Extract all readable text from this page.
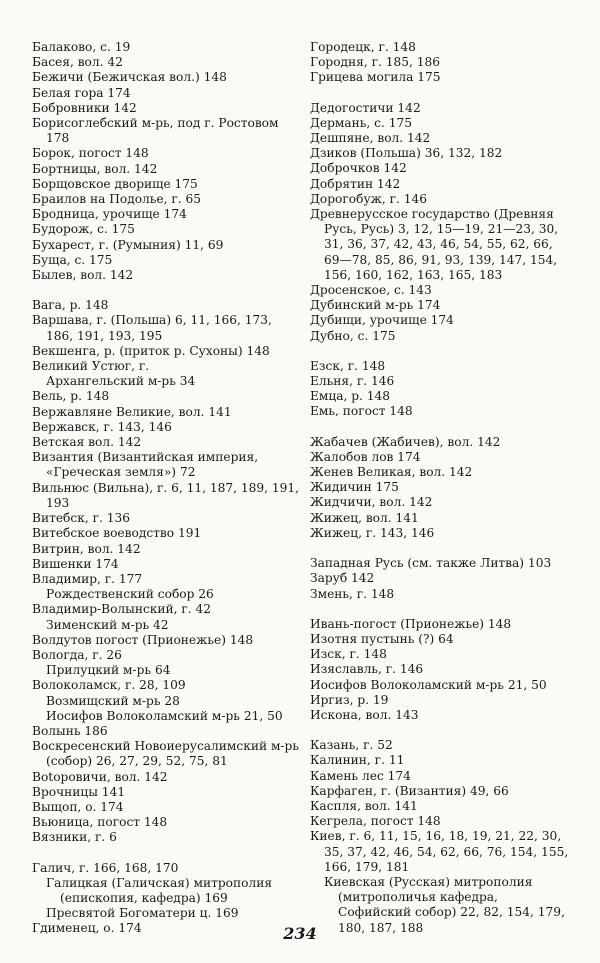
Балаково, с. 19
Басея, вол. 42
Бежичи (Бежичская вол.) 148
Белая гора 174
Бобровники 142
Борисоглебский м-рь, под г. Ростовом 178
Борок, погост 148
Бортницы, вол. 142
Борщовское дворище 175
Браилов на Подолье, г. 65
Бродница, урочище 174
Будорож, с. 175
Бухарест, г. (Румыния) 11, 69
Буща, с. 175
Былев, вол. 142
Вага, р. 148
Варшава, г. (Польша) 6, 11, 166, 173, 186, 191, 193, 195
Векшенга, р. (приток р. Сухоны) 148
Великий Устюг, г.
Архангельский м-рь 34
Вель, р. 148
Вержавляне Великие, вол. 141
Вержавск, г. 143, 146
Ветская вол. 142
Византия (Византийская империя, «Греческая земля») 72
Вильнюс (Вильна), г. 6, 11, 187, 189, 191, 193
Витебск, г. 136
Витебское воеводство 191
Витрин, вол. 142
Вишенки 174
Владимир, г. 177
Рождественский собор 26
Владимир-Волынский, г. 42
Зименский м-рь 42
Волдутов погост (Прионежье) 148
Вологда, г. 26
Прилуцкий м-рь 64
Волоколамск, г. 28, 109
Возмищский м-рь 28
Иосифов Волоколамский м-рь 21, 50
Волынь 186
Воскресенский Новоиерусалимский м-рь (собор) 26, 27, 29, 52, 75, 81
Вotoровичи, вол. 142
Врочницы 141
Выщоп, о. 174
Вьюница, погост 148
Вязники, г. 6
Галич, г. 166, 168, 170
Галицкая (Галичская) митрополия (епископия, кафедра) 169
Пресвятой Богоматери ц. 169
Гдименец, о. 174
Городецк, г. 148
Городня, г. 185, 186
Грицева могила 175
Дедогостичи 142
Дермань, с. 175
Дешпяне, вол. 142
Дзиков (Польша) 36, 132, 182
Доброчков 142
Добрятин 142
Дорогобуж, г. 146
Древнерусское государство (Древняя Русь, Русь) 3, 12, 15—19, 21—23, 30, 31, 36, 37, 42, 43, 46, 54, 55, 62, 66, 69—78, 85, 86, 91, 93, 139, 147, 154, 156, 160, 162, 163, 165, 183
Дросенское, с. 143
Дубинский м-рь 174
Дубищи, урочище 174
Дубно, с. 175
Езск, г. 148
Ельня, г. 146
Емца, р. 148
Емь, погост 148
Жабачев (Жабичев), вол. 142
Жалобов лов 174
Женев Великая, вол. 142
Жидичин 175
Жидчичи, вол. 142
Жижец, вол. 141
Жижец, г. 143, 146
Западная Русь (см. также Литва) 103
Заруб 142
Змень, г. 148
Ивань-погост (Прионежье) 148
Изотня пустынь (?) 64
Изск, г. 148
Изяславль, г. 146
Иосифов Волоколамский м-рь 21, 50
Иргиз, р. 19
Искона, вол. 143
Казань, г. 52
Калинин, г. 11
Камень лес 174
Карфаген, г. (Византия) 49, 66
Каспля, вол. 141
Кегрела, погост 148
Киев, г. 6, 11, 15, 16, 18, 19, 21, 22, 30, 35, 37, 42, 46, 54, 62, 66, 76, 154, 155, 166, 179, 181
Киевская (Русская) митрополия (митрополичья кафедра, Софийский собор) 22, 82, 154, 179, 180, 187, 188
234
